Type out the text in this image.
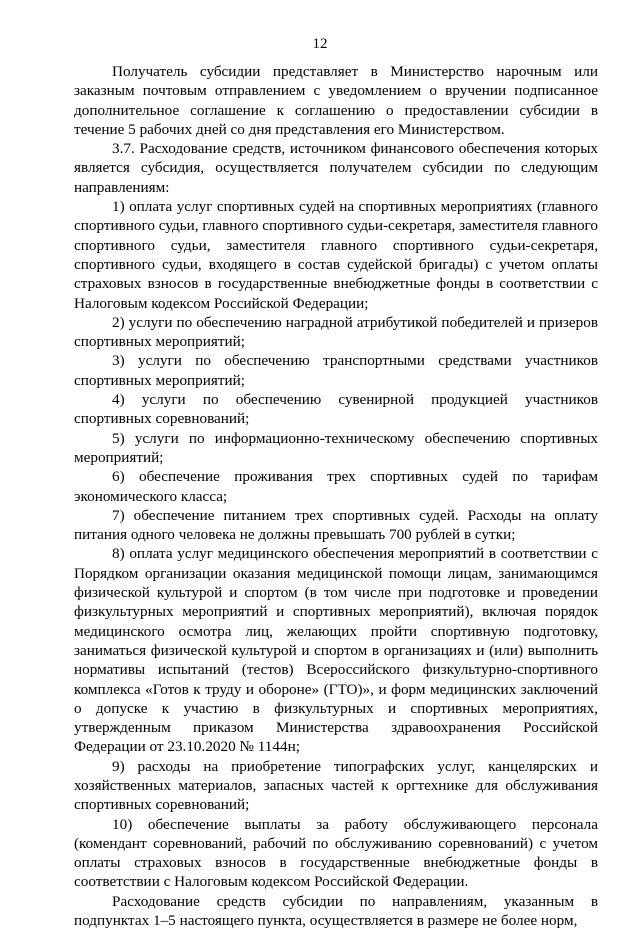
12

Получатель субсидии представляет в Министерство нарочным или заказным почтовым отправлением с уведомлением о вручении подписанное дополнительное соглашение к соглашению о предоставлении субсидии в течение 5 рабочих дней со дня представления его Министерством.

3.7. Расходование средств, источником финансового обеспечения которых является субсидия, осуществляется получателем субсидии по следующим направлениям:

1) оплата услуг спортивных судей на спортивных мероприятиях (главного спортивного судьи, главного спортивного судьи-секретаря, заместителя главного спортивного судьи, заместителя главного спортивного судьи-секретаря, спортивного судьи, входящего в состав судейской бригады) с учетом оплаты страховых взносов в государственные внебюджетные фонды в соответствии с Налоговым кодексом Российской Федерации;

2) услуги по обеспечению наградной атрибутикой победителей и призеров спортивных мероприятий;

3) услуги по обеспечению транспортными средствами участников спортивных мероприятий;

4) услуги по обеспечению сувенирной продукцией участников спортивных соревнований;

5) услуги по информационно-техническому обеспечению спортивных мероприятий;

6) обеспечение проживания трех спортивных судей по тарифам экономического класса;

7) обеспечение питанием трех спортивных судей. Расходы на оплату питания одного человека не должны превышать 700 рублей в сутки;

8) оплата услуг медицинского обеспечения мероприятий в соответствии с Порядком организации оказания медицинской помощи лицам, занимающимся физической культурой и спортом (в том числе при подготовке и проведении физкультурных мероприятий и спортивных мероприятий), включая порядок медицинского осмотра лиц, желающих пройти спортивную подготовку, заниматься физической культурой и спортом в организациях и (или) выполнить нормативы испытаний (тестов) Всероссийского физкультурно-спортивного комплекса «Готов к труду и обороне» (ГТО)», и форм медицинских заключений о допуске к участию в физкультурных и спортивных мероприятиях, утвержденным приказом Министерства здравоохранения Российской Федерации от 23.10.2020 № 1144н;

9) расходы на приобретение типографских услуг, канцелярских и хозяйственных материалов, запасных частей к оргтехнике для обслуживания спортивных соревнований;

10) обеспечение выплаты за работу обслуживающего персонала (комендант соревнований, рабочий по обслуживанию соревнований) с учетом оплаты страховых взносов в государственные внебюджетные фонды в соответствии с Налоговым кодексом Российской Федерации.

Расходование средств субсидии по направлениям, указанным в подпунктах 1–5 настоящего пункта, осуществляется в размере не более норм,
